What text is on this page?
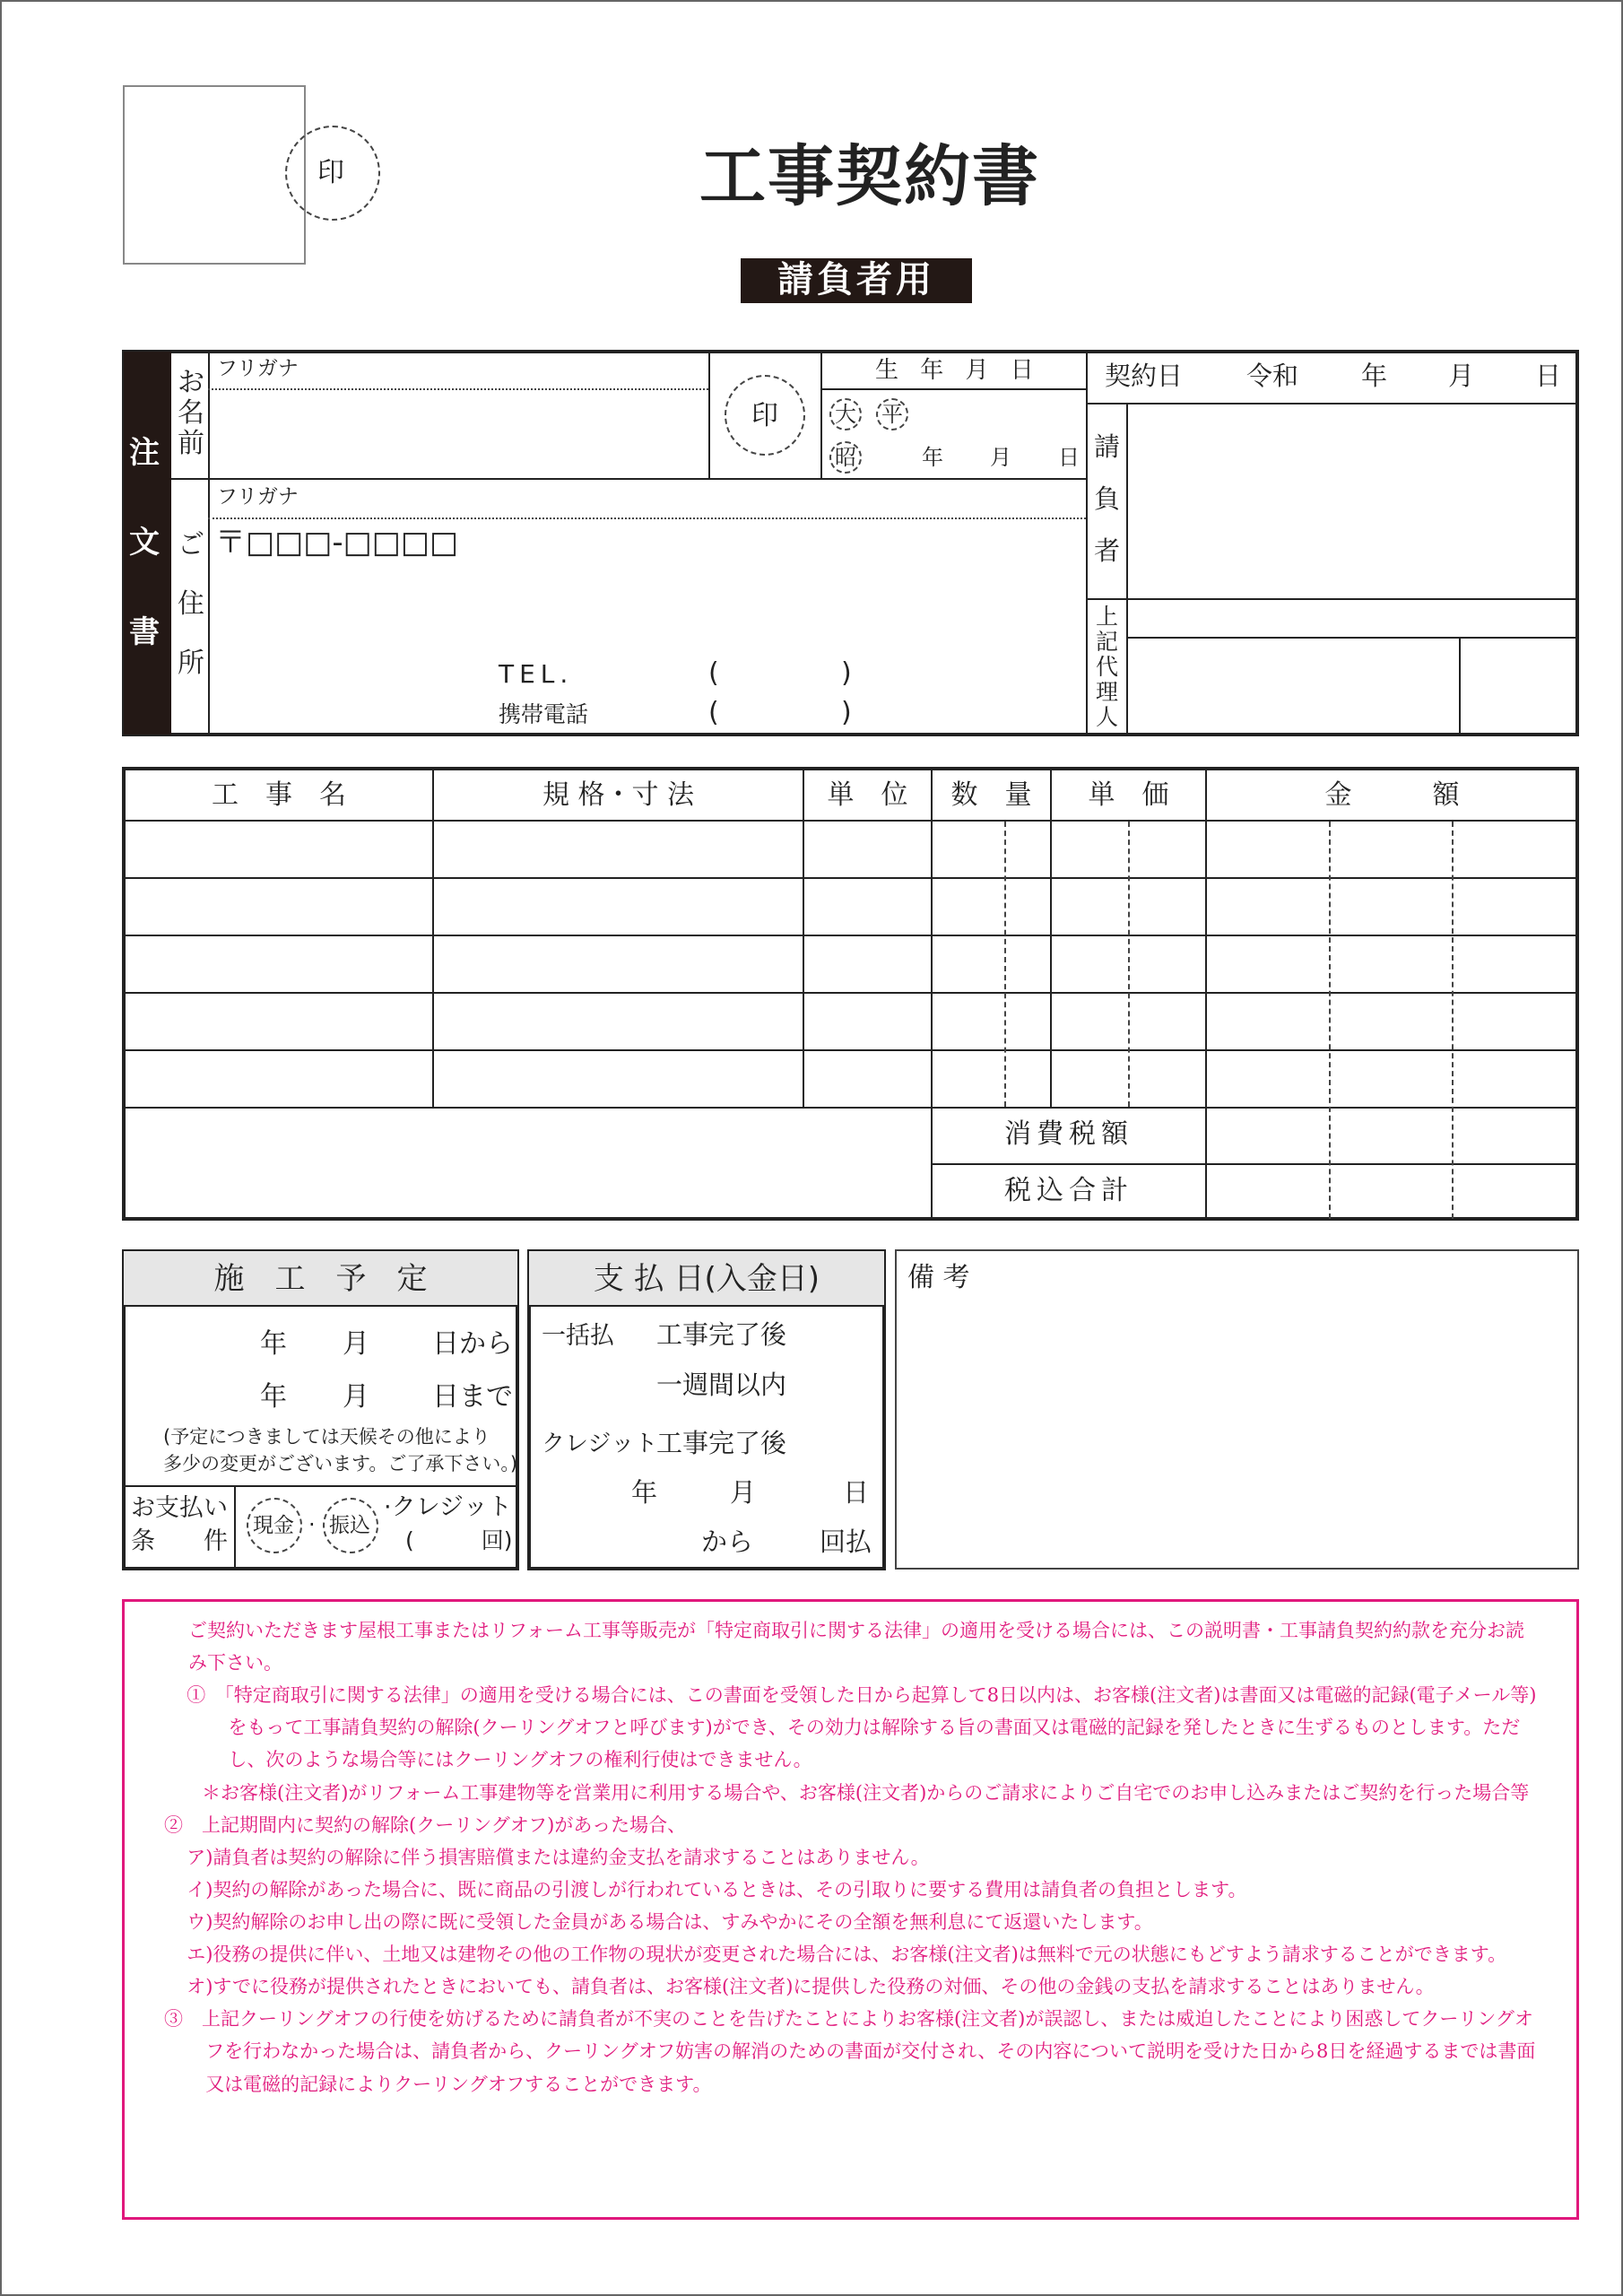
印	工事契約書
請負者用
注
文
書
お
名
前
フリガナ
印
生 年 月 日
大 平
昭	年 月 日
ご
住
所
フリガナ
〒□□□-□□□□
TEL.	(	)
携帯電話	(	)
契約日 令和 年 月 日
請
負
者
上
記
代
理
人
工　事　名	規 格・寸 法	単　位	数　量	単　価	金　　　額
消費税額
税込合計
施　工　予　定
年 月 日から
年 月 日まで
(予定につきましては天候その他により
多少の変更がございます。ご了承下さい。)
お支払い
条　　件
現金 · 振込
·クレジット
(　　　回)
支 払 日(入金日)
一括払 工事完了後
一週間以内
クレジット
工事完了後
年	月	日
から	回払
備 考

ご契約いただきます屋根工事またはリフォーム工事等販売が「特定商取引に関する法律」の適用を受ける場合には、この説明書・工事請負契約約款を充分お読み下さい。

①　「特定商取引に関する法律」の適用を受ける場合には、この書面を受領した日から起算して8日以内は、お客様(注文者)は書面又は電磁的記録(電子メール等)をもって工事請負契約の解除(クーリングオフと呼びます)ができ、その効力は解除する旨の書面又は電磁的記録を発したときに生ずるものとします。ただし、次のような場合等にはクーリングオフの権利行使はできません。

＊お客様(注文者)がリフォーム工事建物等を営業用に利用する場合や、お客様(注文者)からのご請求によりご自宅でのお申し込みまたはご契約を行った場合等

②　上記期間内に契約の解除(クーリングオフ)があった場合、

ア)請負者は契約の解除に伴う損害賠償または違約金支払を請求することはありません。

イ)契約の解除があった場合に、既に商品の引渡しが行われているときは、その引取りに要する費用は請負者の負担とします。

ウ)契約解除のお申し出の際に既に受領した金員がある場合は、すみやかにその全額を無利息にて返還いたします。

エ)役務の提供に伴い、土地又は建物その他の工作物の現状が変更された場合には、お客様(注文者)は無料で元の状態にもどすよう請求することができます。

オ)すでに役務が提供されたときにおいても、請負者は、お客様(注文者)に提供した役務の対価、その他の金銭の支払を請求することはありません。

③　上記クーリングオフの行使を妨げるために請負者が不実のことを告げたことによりお客様(注文者)が誤認し、または威迫したことにより困惑してクーリングオフを行わなかった場合は、請負者から、クーリングオフ妨害の解消のための書面が交付され、その内容について説明を受けた日から8日を経過するまでは書面又は電磁的記録によりクーリングオフすることができます。
